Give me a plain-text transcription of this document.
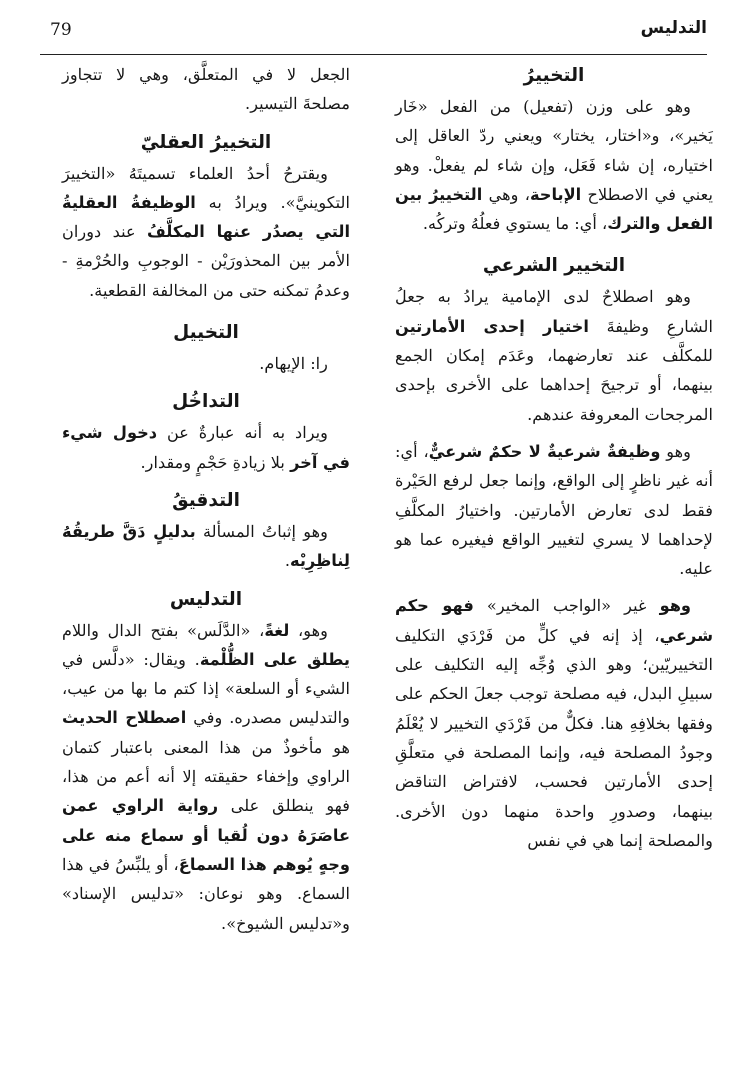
79	التدليس
التخييرُ

وهو على وزن (تفعيل) من الفعل «خَار يَخير»، و«اختار، يختار» ويعني ردّ العاقل إلى اختياره، إن شاء فَعَل، وإن شاء لم يفعلْ. وهو يعني في الاصطلاح الإباحة، وهي التخييرُ بين الفعل والترك، أي: ما يستوي فعلُهُ وتركُه.

التخيير الشرعي

وهو اصطلاحٌ لدى الإمامية يرادُ به جعلُ الشارعِ وظيفةَ اختيار إحدى الأمارتين للمكلَّف عند تعارضهما، وعَدَم إمكان الجمع بينهما، أو ترجيحَ إحداهما على الأخرى بإحدى المرجحات المعروفة عندهم.

وهو وظيفةٌ شرعيةٌ لا حكمٌ شرعيٌّ، أي: أنه غير ناظرٍ إلى الواقع، وإنما جعل لرفع الحَيْرة فقط لدى تعارض الأمارتين. واختيارُ المكلَّفِ لإحداهما لا يسري لتغيير الواقع فيغيره عما هو عليه.

وهو غير «الواجب المخير» فهو حكم شرعي، إذ إنه في كلٍّ من فَرْدَي التكليف التخييريّين؛ وهو الذي وُجِّه إليه التكليف على سبيلِ البدل، فيه مصلحة توجب جعلَ الحكم على وفقها بخلافِهِ هنا. فكلٌّ من فَرْدَي التخيير لا يُعْلَمُ وجودُ المصلحة فيه، وإنما المصلحة في متعلَّقِ إحدى الأمارتين فحسب، لافتراض التناقض بينهما، وصدورِ واحدة منهما دون الأخرى. والمصلحة إنما هي في نفس

الجعل لا في المتعلَّق، وهي لا تتجاوز مصلحةَ التيسير.

التخييرُ العقليّ

ويقترحُ أحدُ العلماء تسميتَهُ «التخييرَ التكوينيَّ». ويرادُ به الوظيفةُ العقليةُ التي يصدُر عنها المكلَّفُ عند دوران الأمر بين المحذورَيْن - الوجوبِ والحُرْمةِ - وعدمُ تمكنه حتى من المخالفة القطعية.

التخييل

را: الإيهام.

التداخُل

ويراد به أنه عبارةٌ عن دخول شيء في آخر بلا زيادةِ حَجْمٍ ومقدار.

التدقيقُ

وهو إثباتُ المسألة بدليلٍ دَقَّ طريقُهُ لِناظِرِيْه.

التدليس

وهو، لغةً، «الدَّلَس» بفتح الدال واللام يطلق على الظُّلْمة. ويقال: «دلَّس في الشيء أو السلعة» إذا كتم ما بها من عيب، والتدليس مصدره. وفي اصطلاح الحديث هو مأخوذٌ من هذا المعنى باعتبار كتمان الراوي وإخفاء حقيقته إلا أنه أعم من هذا، فهو ينطلق على رواية الراوي عمن عاصَرَهُ دون لُقيا أو سماع منه على وجهٍ يُوهم هذا السماعَ، أو يلبِّسُ في هذا السماع. وهو نوعان: «تدليس الإسناد» و«تدليس الشيوخ».
